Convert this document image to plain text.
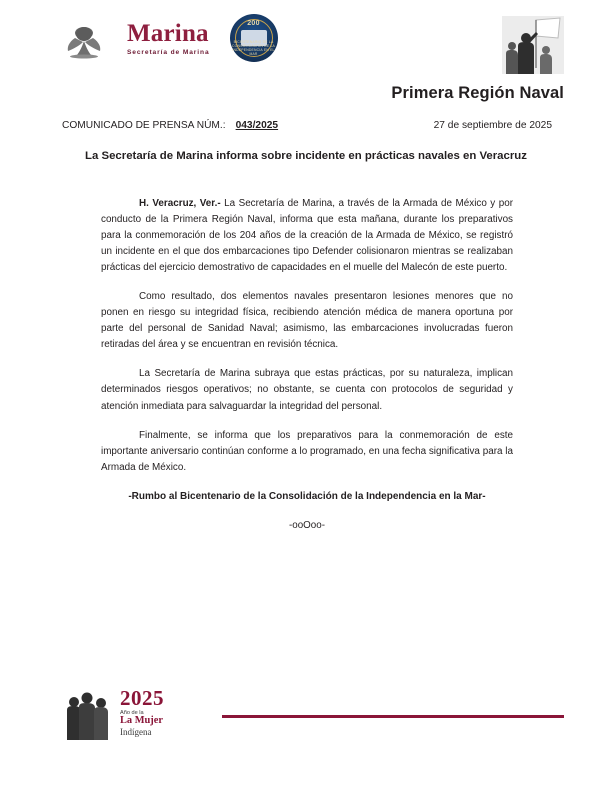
Marina
Secretaría de Marina
200
BICENTENARIO DE LA CONSOLIDACIÓN DE LA INDEPENDENCIA EN EL MAR
Primera Región Naval
COMUNICADO DE PRENSA NÚM.: 043/2025	27 de septiembre de 2025
La Secretaría de Marina informa sobre incidente en prácticas navales en Veracruz

H. Veracruz, Ver.- La Secretaría de Marina, a través de la Armada de México y por conducto de la Primera Región Naval, informa que esta mañana, durante los preparativos para la conmemoración de los 204 años de la creación de la Armada de México, se registró un incidente en el que dos embarcaciones tipo Defender colisionaron mientras se realizaban prácticas del ejercicio demostrativo de capacidades en el muelle del Malecón de este puerto.

Como resultado, dos elementos navales presentaron lesiones menores que no ponen en riesgo su integridad física, recibiendo atención médica de manera oportuna por parte del personal de Sanidad Naval; asimismo, las embarcaciones involucradas fueron retiradas del área y se encuentran en revisión técnica.

La Secretaría de Marina subraya que estas prácticas, por su naturaleza, implican determinados riesgos operativos; no obstante, se cuenta con protocolos de seguridad y atención inmediata para salvaguardar la integridad del personal.

Finalmente, se informa que los preparativos para la conmemoración de este importante aniversario continúan conforme a lo programado, en una fecha significativa para la Armada de México.

-Rumbo al Bicentenario de la Consolidación de la Independencia en la Mar-

-ooOoo-

2025
Año de la
La Mujer
Indígena
